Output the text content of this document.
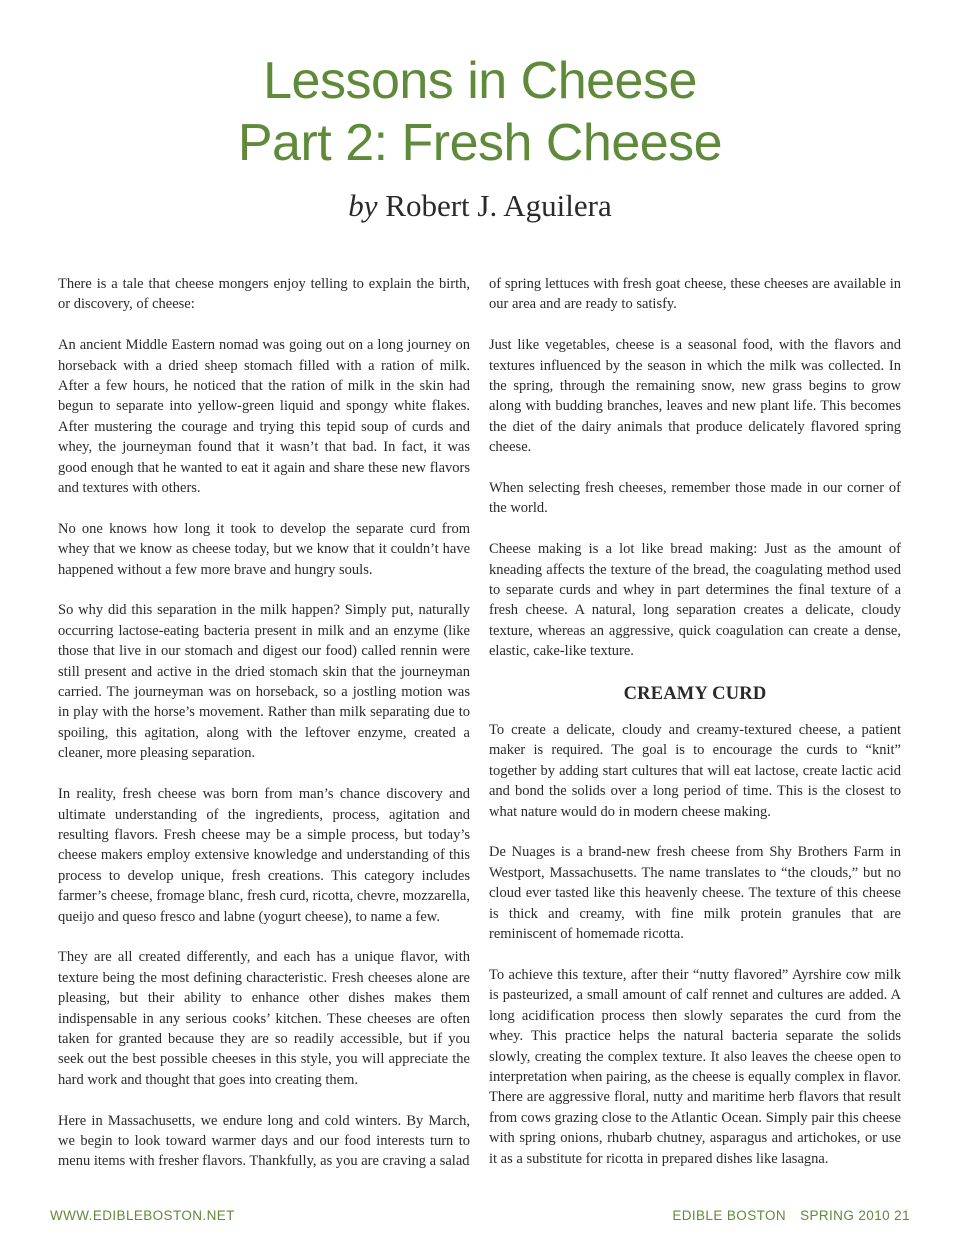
Lessons in Cheese
Part 2: Fresh Cheese
by Robert J. Aguilera

There is a tale that cheese mongers enjoy telling to explain the birth, or discovery, of cheese:

An ancient Middle Eastern nomad was going out on a long journey on horseback with a dried sheep stomach filled with a ration of milk. After a few hours, he noticed that the ration of milk in the skin had begun to separate into yellow-green liquid and spongy white flakes. After mustering the courage and trying this tepid soup of curds and whey, the journeyman found that it wasn’t that bad. In fact, it was good enough that he wanted to eat it again and share these new flavors and textures with others.

No one knows how long it took to develop the separate curd from whey that we know as cheese today, but we know that it couldn’t have happened without a few more brave and hungry souls.

So why did this separation in the milk happen? Simply put, naturally occurring lactose-eating bacteria present in milk and an enzyme (like those that live in our stomach and digest our food) called rennin were still present and active in the dried stomach skin that the journeyman carried. The journeyman was on horseback, so a jostling motion was in play with the horse’s movement. Rather than milk separating due to spoiling, this agitation, along with the leftover enzyme, created a cleaner, more pleasing separation.

In reality, fresh cheese was born from man’s chance discovery and ultimate understanding of the ingredients, process, agitation and resulting flavors. Fresh cheese may be a simple process, but today’s cheese makers employ extensive knowledge and understanding of this process to develop unique, fresh creations. This category includes farmer’s cheese, fromage blanc, fresh curd, ricotta, chevre, mozzarella, queijo and queso fresco and labne (yogurt cheese), to name a few.

They are all created differently, and each has a unique flavor, with texture being the most defining characteristic. Fresh cheeses alone are pleasing, but their ability to enhance other dishes makes them indispensable in any serious cooks’ kitchen. These cheeses are often taken for granted because they are so readily accessible, but if you seek out the best possible cheeses in this style, you will appreciate the hard work and thought that goes into creating them.

Here in Massachusetts, we endure long and cold winters. By March, we begin to look toward warmer days and our food interests turn to menu items with fresher flavors. Thankfully, as you are craving a salad

of spring lettuces with fresh goat cheese, these cheeses are available in our area and are ready to satisfy.

Just like vegetables, cheese is a seasonal food, with the flavors and textures influenced by the season in which the milk was collected. In the spring, through the remaining snow, new grass begins to grow along with budding branches, leaves and new plant life. This becomes the diet of the dairy animals that produce delicately flavored spring cheese.

When selecting fresh cheeses, remember those made in our corner of the world.

Cheese making is a lot like bread making: Just as the amount of kneading affects the texture of the bread, the coagulating method used to separate curds and whey in part determines the final texture of a fresh cheese. A natural, long separation creates a delicate, cloudy texture, whereas an aggressive, quick coagulation can create a dense, elastic, cake-like texture.

CREAMY CURD

To create a delicate, cloudy and creamy-textured cheese, a patient maker is required. The goal is to encourage the curds to “knit” together by adding start cultures that will eat lactose, create lactic acid and bond the solids over a long period of time. This is the closest to what nature would do in modern cheese making.

De Nuages is a brand-new fresh cheese from Shy Brothers Farm in Westport, Massachusetts. The name translates to “the clouds,” but no cloud ever tasted like this heavenly cheese. The texture of this cheese is thick and creamy, with fine milk protein granules that are reminiscent of homemade ricotta.

To achieve this texture, after their “nutty flavored” Ayrshire cow milk is pasteurized, a small amount of calf rennet and cultures are added. A long acidification process then slowly separates the curd from the whey. This practice helps the natural bacteria separate the solids slowly, creating the complex texture. It also leaves the cheese open to interpretation when pairing, as the cheese is equally complex in flavor. There are aggressive floral, nutty and maritime herb flavors that result from cows grazing close to the Atlantic Ocean. Simply pair this cheese with spring onions, rhubarb chutney, asparagus and artichokes, or use it as a substitute for ricotta in prepared dishes like lasagna.

WWW.EDIBLEBOSTON.NET	EDIBLE BOSTON SPRING 2010 21
